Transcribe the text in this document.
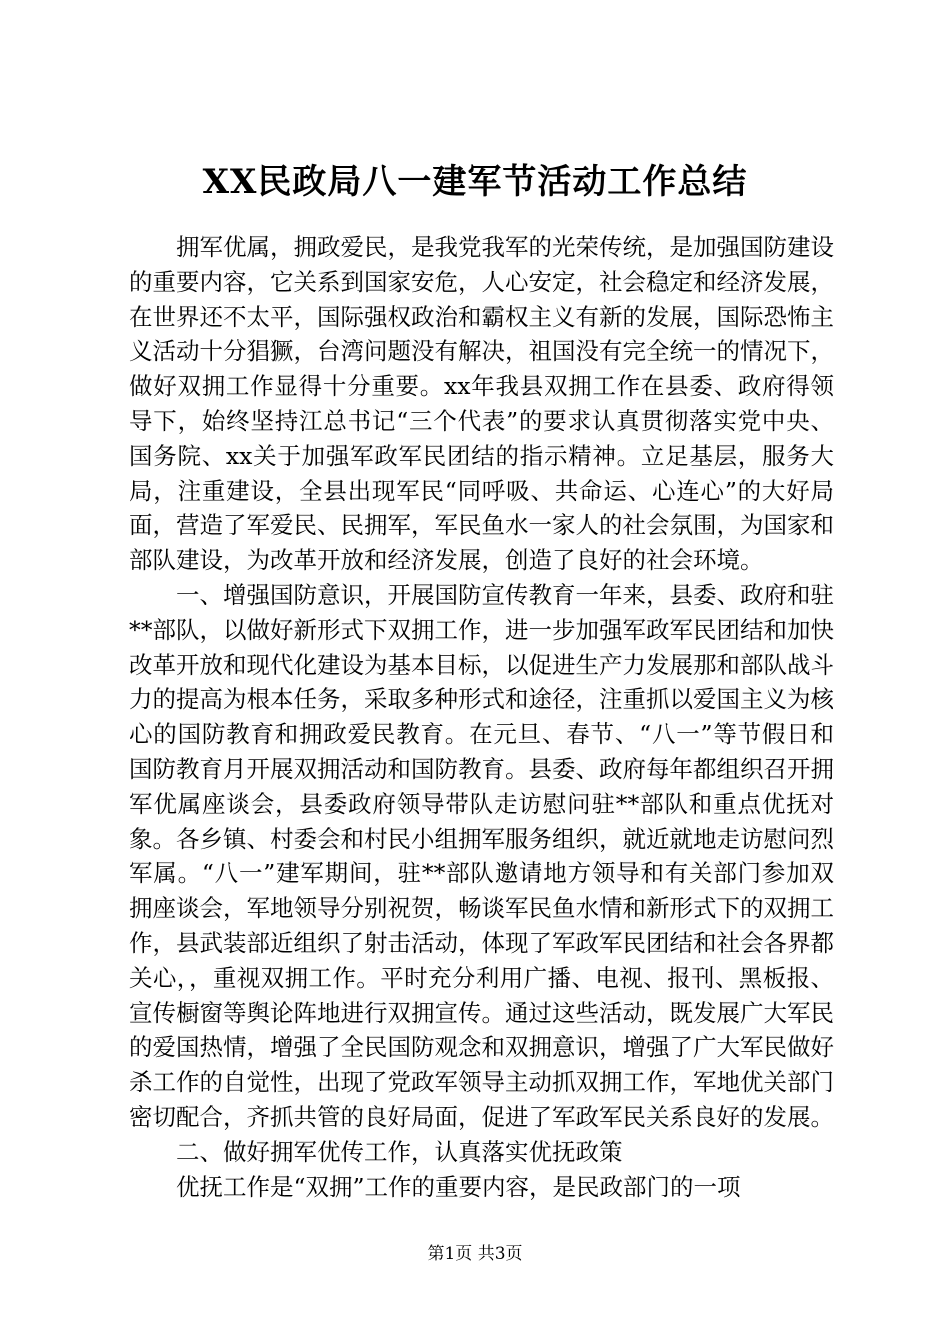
XX民政局八一建军节活动工作总结

拥军优属，拥政爱民，是我党我军的光荣传统，是加强国防建设的重要内容，它关系到国家安危，人心安定，社会稳定和经济发展，在世界还不太平，国际强权政治和霸权主义有新的发展，国际恐怖主义活动十分猖獗，台湾问题没有解决，祖国没有完全统一的情况下，做好双拥工作显得十分重要。xx年我县双拥工作在县委、政府得领导下，始终坚持江总书记“三个代表”的要求认真贯彻落实党中央、国务院、xx关于加强军政军民团结的指示精神。立足基层，服务大局，注重建设，全县出现军民“同呼吸、共命运、心连心”的大好局面，营造了军爱民、民拥军，军民鱼水一家人的社会氛围，为国家和部队建设，为改革开放和经济发展，创造了良好的社会环境。

一、增强国防意识，开展国防宣传教育一年来，县委、政府和驻**部队，以做好新形式下双拥工作，进一步加强军政军民团结和加快改革开放和现代化建设为基本目标，以促进生产力发展那和部队战斗力的提高为根本任务，采取多种形式和途径，注重抓以爱国主义为核心的国防教育和拥政爱民教育。在元旦、春节、“八一”等节假日和国防教育月开展双拥活动和国防教育。县委、政府每年都组织召开拥军优属座谈会，县委政府领导带队走访慰问驻**部队和重点优抚对象。各乡镇、村委会和村民小组拥军服务组织，就近就地走访慰问烈军属。“八一”建军期间，驻**部队邀请地方领导和有关部门参加双拥座谈会，军地领导分别祝贺，畅谈军民鱼水情和新形式下的双拥工作，县武装部近组织了射击活动，体现了军政军民团结和社会各界都关心，，重视双拥工作。平时充分利用广播、电视、报刊、黑板报、宣传橱窗等舆论阵地进行双拥宣传。通过这些活动，既发展广大军民的爱国热情，增强了全民国防观念和双拥意识，增强了广大军民做好杀工作的自觉性，出现了党政军领导主动抓双拥工作，军地优关部门密切配合，齐抓共管的良好局面，促进了军政军民关系良好的发展。

二、做好拥军优传工作，认真落实优抚政策

优抚工作是“双拥”工作的重要内容，是民政部门的一项

第1页 共3页
